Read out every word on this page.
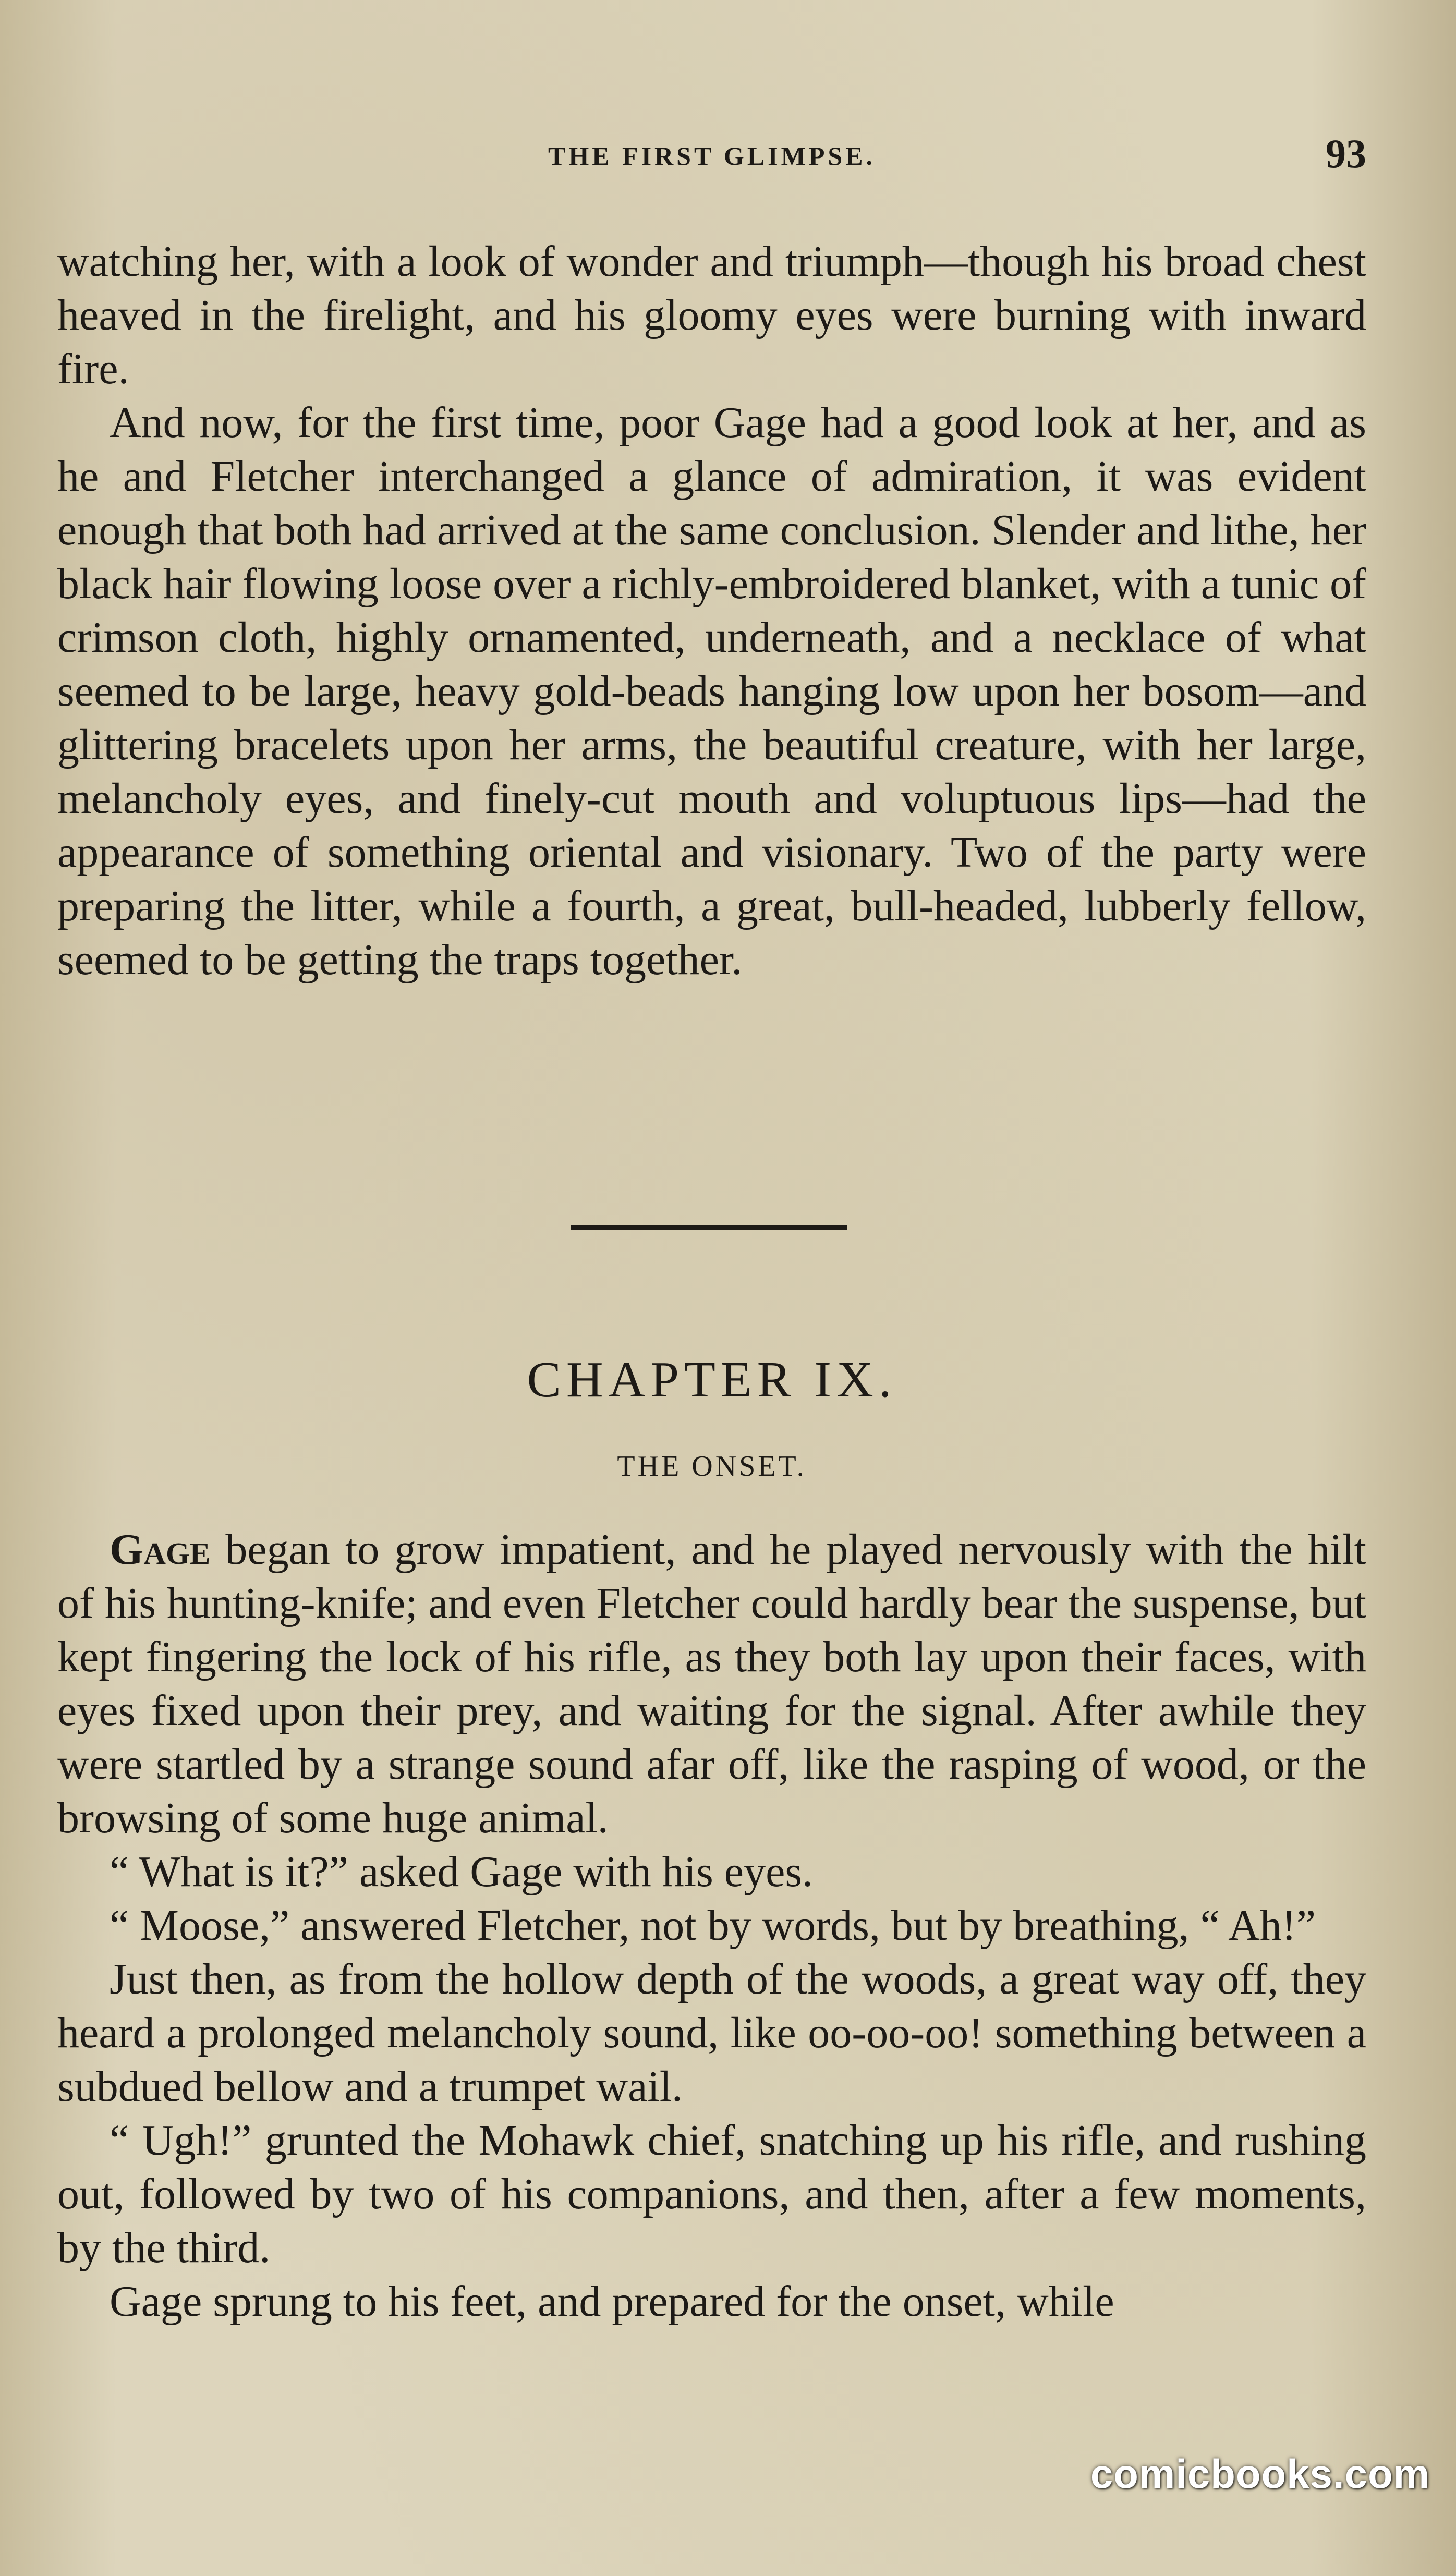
THE FIRST GLIMPSE.	93

watching her, with a look of wonder and triumph—though his broad chest heaved in the firelight, and his gloomy eyes were burning with inward fire.

And now, for the first time, poor Gage had a good look at her, and as he and Fletcher interchanged a glance of admiration, it was evident enough that both had arrived at the same conclusion. Slender and lithe, her black hair flowing loose over a richly-embroidered blanket, with a tunic of crimson cloth, highly ornamented, underneath, and a necklace of what seemed to be large, heavy gold-beads hanging low upon her bosom—and glittering bracelets upon her arms, the beautiful creature, with her large, melancholy eyes, and finely-cut mouth and voluptuous lips—had the appearance of something oriental and visionary. Two of the party were preparing the litter, while a fourth, a great, bull-headed, lubberly fellow, seemed to be getting the traps together.

CHAPTER IX.
THE ONSET.

Gage began to grow impatient, and he played nervously with the hilt of his hunting-knife; and even Fletcher could hardly bear the suspense, but kept fingering the lock of his rifle, as they both lay upon their faces, with eyes fixed upon their prey, and waiting for the signal. After awhile they were startled by a strange sound afar off, like the rasping of wood, or the browsing of some huge animal.

“ What is it?” asked Gage with his eyes.

“ Moose,” answered Fletcher, not by words, but by breathing, “ Ah!”

Just then, as from the hollow depth of the woods, a great way off, they heard a prolonged melancholy sound, like oo-oo-oo! something between a subdued bellow and a trumpet wail.

“ Ugh!” grunted the Mohawk chief, snatching up his rifle, and rushing out, followed by two of his companions, and then, after a few moments, by the third.

Gage sprung to his feet, and prepared for the onset, while

comicbooks.com
